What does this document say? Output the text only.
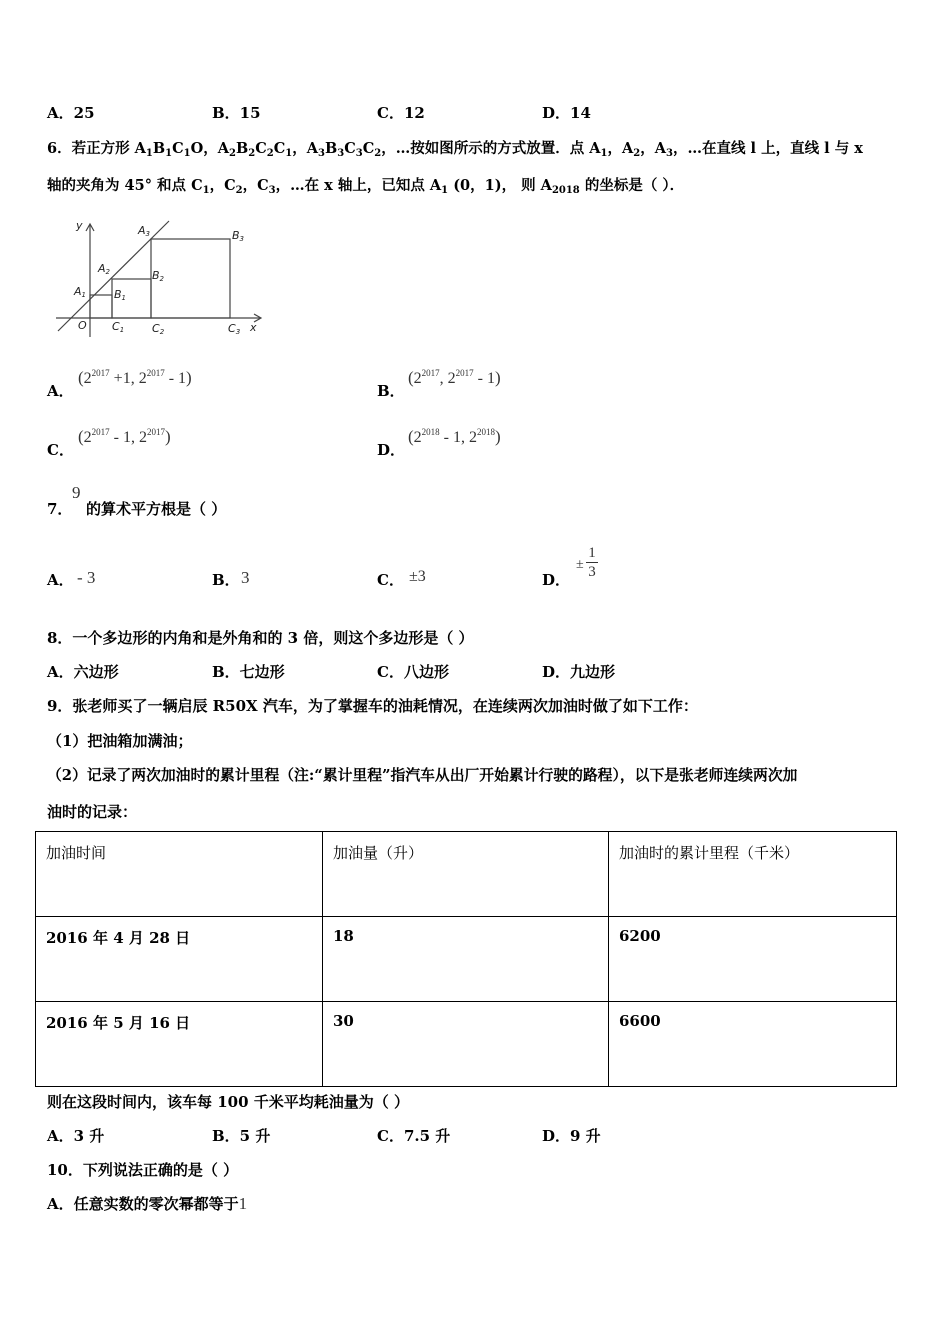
A．25	B．15	C．12	D．14
6．若正方形 $A_1B_1C_1O$，$A_2B_2C_2C_1$，$A_3B_3C_3C_2$，…按如图所示的方式放置．点 $A_1$，$A_2$，$A_3$，…在直线 l 上，直线 l 与 x
轴的夹角为 45° 和点 $C_1$，$C_2$，$C_3$，…在 x 轴上，已知点 $A_1$ (0，1)， 则 $A_{2018}$ 的坐标是（ ）．
y
x
O
A1
A2
A3
B1
B2
B3
C1	C2	C3
A．
($2^{2017} +1$, $2^{2017} - 1$)
B．
($2^{2017}$, $2^{2017} - 1$)
C．
($2^{2017} - 1$, $2^{2017}$)
D．
($2^{2018} - 1$, $2^{2018}$)
7．
9
的算术平方根是（ ）
A． - 3	B． 3	C． ±3	D．
±
1
3
8．一个多边形的内角和是外角和的 3 倍，则这个多边形是（ ）
A．六边形	B．七边形	C．八边形	D．九边形
9．张老师买了一辆启辰 R50X 汽车，为了掌握车的油耗情况，在连续两次加油时做了如下工作：
（1）把油箱加满油；
（2）记录了两次加油时的累计里程（注:“累计里程”指汽车从出厂开始累计行驶的路程），以下是张老师连续两次加
油时的记录：
加油时间	加油量（升）	加油时的累计里程（千米）
2016 年 4 月 28 日	18	6200
2016 年 5 月 16 日	30	6600
则在这段时间内，该车每 100 千米平均耗油量为（ ）
A．3 升	B．5 升	C．7.5 升	D．9 升
10．下列说法正确的是（ ）
A．任意实数的零次幂都等于1
